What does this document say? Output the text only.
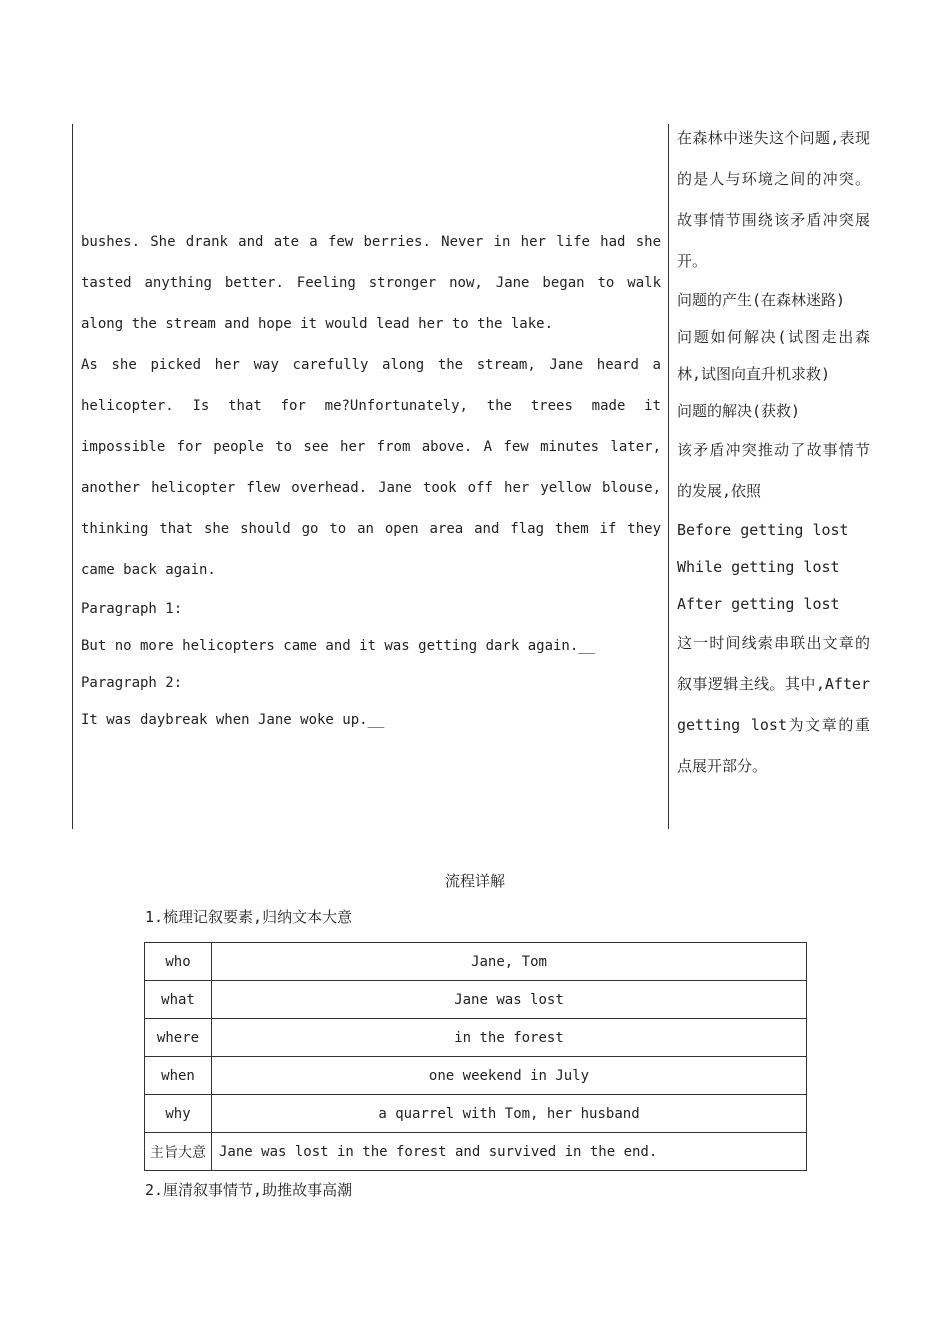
bushes. She drank and ate a few berries. Never in her life had she tasted anything better. Feeling stronger now, Jane began to walk along the stream and hope it would lead her to the lake.

As she picked her way carefully along the stream, Jane heard a helicopter. Is that for me?Unfortunately, the trees made it impossible for people to see her from above. A few minutes later, another helicopter flew overhead. Jane took off her yellow blouse, thinking that she should go to an open area and flag them if they came back again.

Paragraph 1:

But no more helicopters came and it was getting dark again.__

Paragraph 2:

It was daybreak when Jane woke up.__

在森林中迷失这个问题,表现的是人与环境之间的冲突。故事情节围绕该矛盾冲突展开。

问题的产生(在森林迷路)

问题如何解决(试图走出森林,试图向直升机求救)

问题的解决(获救)

该矛盾冲突推动了故事情节的发展,依照

Before getting lost

While getting lost

After getting lost

这一时间线索串联出文章的叙事逻辑主线。其中,After getting lost为文章的重点展开部分。

流程详解
1.梳理记叙要素,归纳文本大意
who	Jane, Tom
what	Jane was lost
where	in the forest
when	one weekend in July
why	a quarrel with Tom, her husband
主旨大意	Jane was lost in the forest and survived in the end.
2.厘清叙事情节,助推故事高潮
